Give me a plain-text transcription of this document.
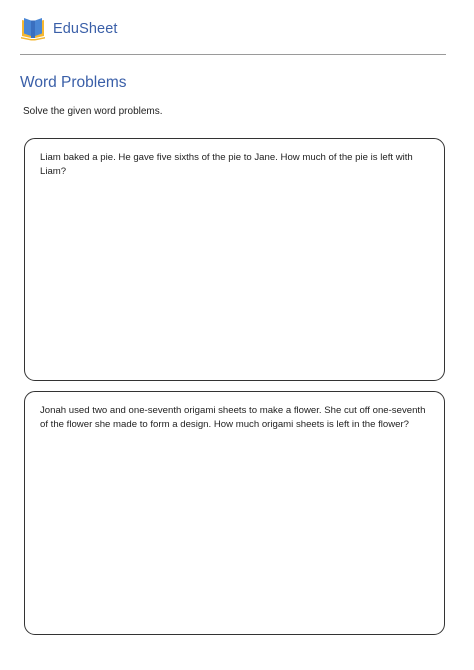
EduSheet
Word Problems

Solve the given word problems.

Liam baked a pie. He gave five sixths of the pie to Jane. How much of the pie is left with Liam?

Jonah used two and one-seventh origami sheets to make a flower. She cut off one-seventh of the flower she made to form a design. How much origami sheets is left in the flower?
